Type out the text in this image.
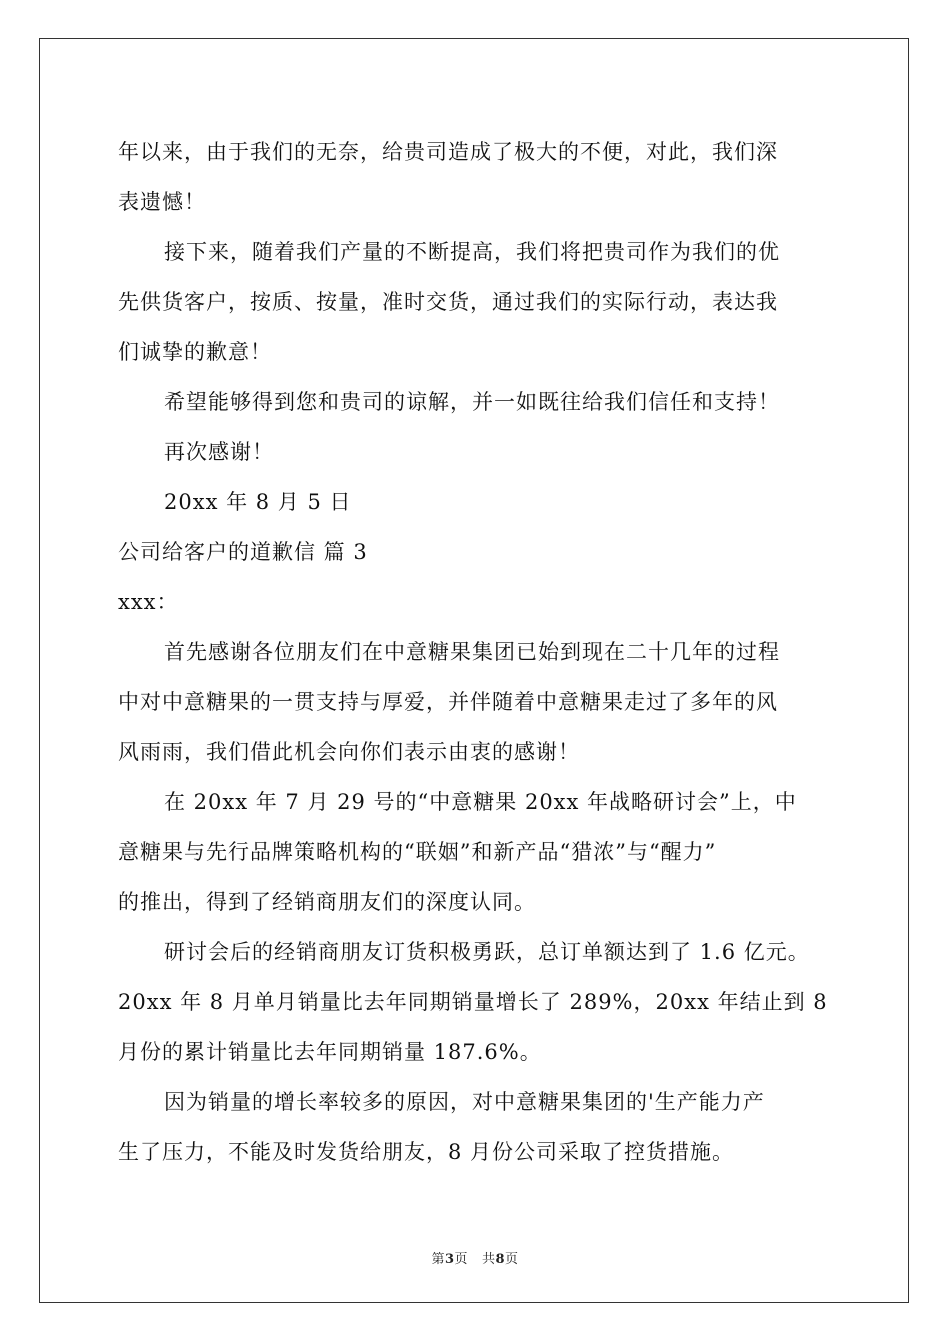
年以来，由于我们的无奈，给贵司造成了极大的不便，对此，我们深
表遗憾！
接下来，随着我们产量的不断提高，我们将把贵司作为我们的优
先供货客户，按质、按量，准时交货，通过我们的实际行动，表达我
们诚挚的歉意！
希望能够得到您和贵司的谅解，并一如既往给我们信任和支持！
再次感谢！
20xx 年 8 月 5 日
公司给客户的道歉信 篇 3
xxx：
首先感谢各位朋友们在中意糖果集团已始到现在二十几年的过程
中对中意糖果的一贯支持与厚爱，并伴随着中意糖果走过了多年的风
风雨雨，我们借此机会向你们表示由衷的感谢！
在 20xx 年 7 月 29 号的“中意糖果 20xx 年战略研讨会”上，中
意糖果与先行品牌策略机构的“联姻”和新产品“猎浓”与“醒力”
的推出，得到了经销商朋友们的深度认同。
研讨会后的经销商朋友订货积极勇跃，总订单额达到了 1.6 亿元。
20xx 年 8 月单月销量比去年同期销量增长了 289%，20xx 年结止到 8
月份的累计销量比去年同期销量 187.6%。
因为销量的增长率较多的原因，对中意糖果集团的'生产能力产
生了压力，不能及时发货给朋友，8 月份公司采取了控货措施。
第3页 共8页
